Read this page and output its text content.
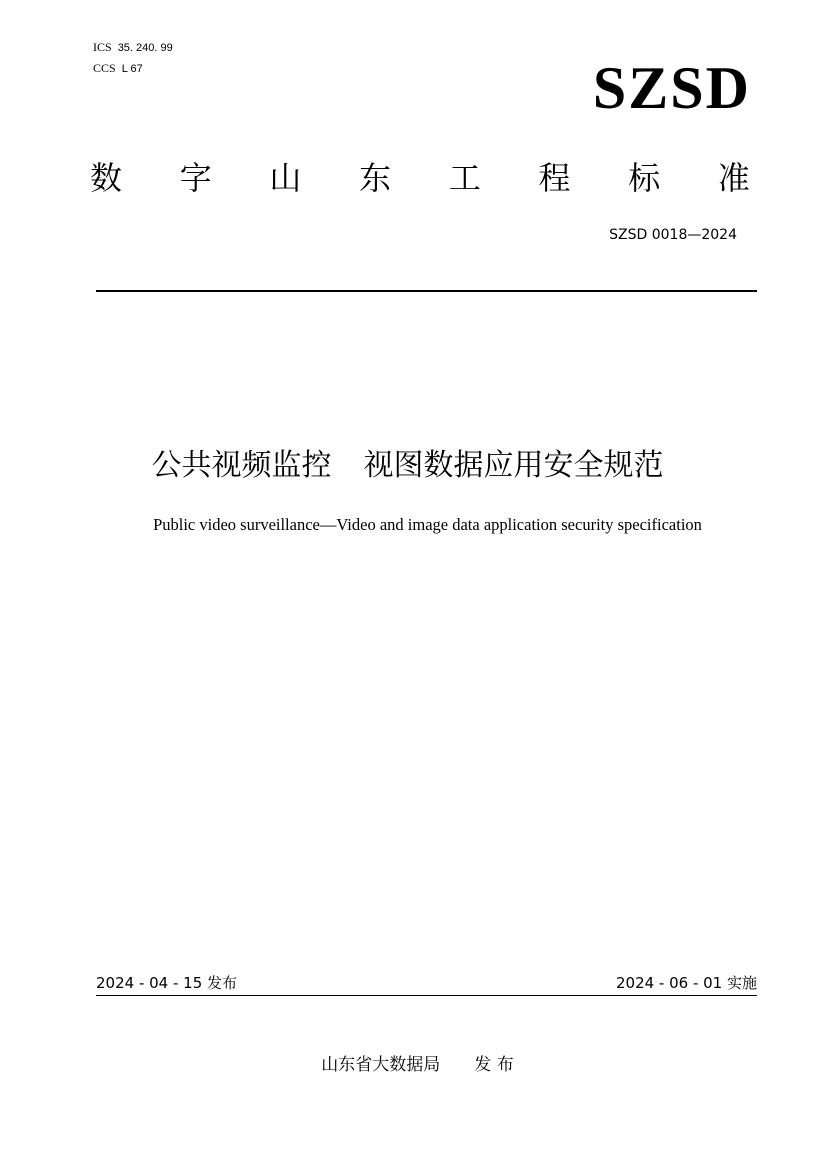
ICS 35. 240. 99
CCS L 67	SZSD
数 字 山 东 工 程 标 准
SZSD 0018—2024
公共视频监控 视图数据应用安全规范
Public video surveillance—Video and image data application security specification
2024 - 04 - 15 发布	2024 - 06 - 01 实施
山东省大数据局 发 布
